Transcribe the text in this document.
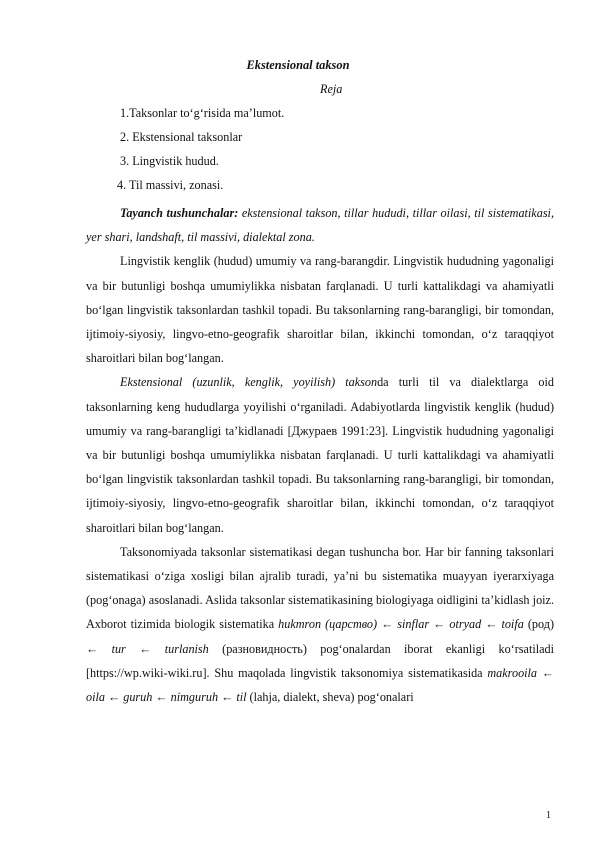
Ekstensional takson
Reja
1.Taksonlar to‘g‘risida ma’lumot.
2. Ekstensional taksonlar
3. Lingvistik hudud.
4. Til massivi, zonasi.

Tayanch tushunchalar: ekstensional takson, tillar hududi, tillar oilasi, til sistematikasi, yer shari, landshaft, til massivi, dialektal zona.

Lingvistik kenglik (hudud) umumiy va rang-barangdir. Lingvistik hududning yagonaligi va bir butunligi boshqa umumiylikka nisbatan farqlanadi. U turli kattalikdagi va ahamiyatli bo‘lgan lingvistik taksonlardan tashkil topadi. Bu taksonlarning rang-barangligi, bir tomondan, ijtimoiy-siyosiy, lingvo-etno-geografik sharoitlar bilan, ikkinchi tomondan, o‘z taraqqiyot sharoitlari bilan bog‘langan.

Ekstensional (uzunlik, kenglik, yoyilish) taksonda turli til va dialektlarga oid taksonlarning keng hududlarga yoyilishi o‘rganiladi. Adabiyotlarda lingvistik kenglik (hudud) umumiy va rang-barangligi ta’kidlanadi [Джураев 1991:23]. Lingvistik hududning yagonaligi va bir butunligi boshqa umumiylikka nisbatan farqlanadi. U turli kattalikdagi va ahamiyatli bo‘lgan lingvistik taksonlardan tashkil topadi. Bu taksonlarning rang-barangligi, bir tomondan, ijtimoiy-siyosiy, lingvo-etno-geografik sharoitlar bilan, ikkinchi tomondan, o‘z taraqqiyot sharoitlari bilan bog‘langan.

Taksonomiyada taksonlar sistematikasi degan tushuncha bor. Har bir fanning taksonlari sistematikasi o‘ziga xosligi bilan ajralib turadi, ya’ni bu sistematika muayyan iyerarxiyaga (pog‘onaga) asoslanadi. Aslida taksonlar sistematikasining biologiyaga oidligini ta’kidlash joiz. Axborot tizimida biologik sistematika hukmron (царство) ← sinflar ← otryad ← toifa (род) ← tur ← turlanish (разновидность) pog‘onalardan iborat ekanligi ko‘rsatiladi [https://wp.wiki-wiki.ru]. Shu maqolada lingvistik taksonomiya sistematikasida makrooila ← oila ← guruh ← nimguruh ← til (lahja, dialekt, sheva) pog‘onalari

1
